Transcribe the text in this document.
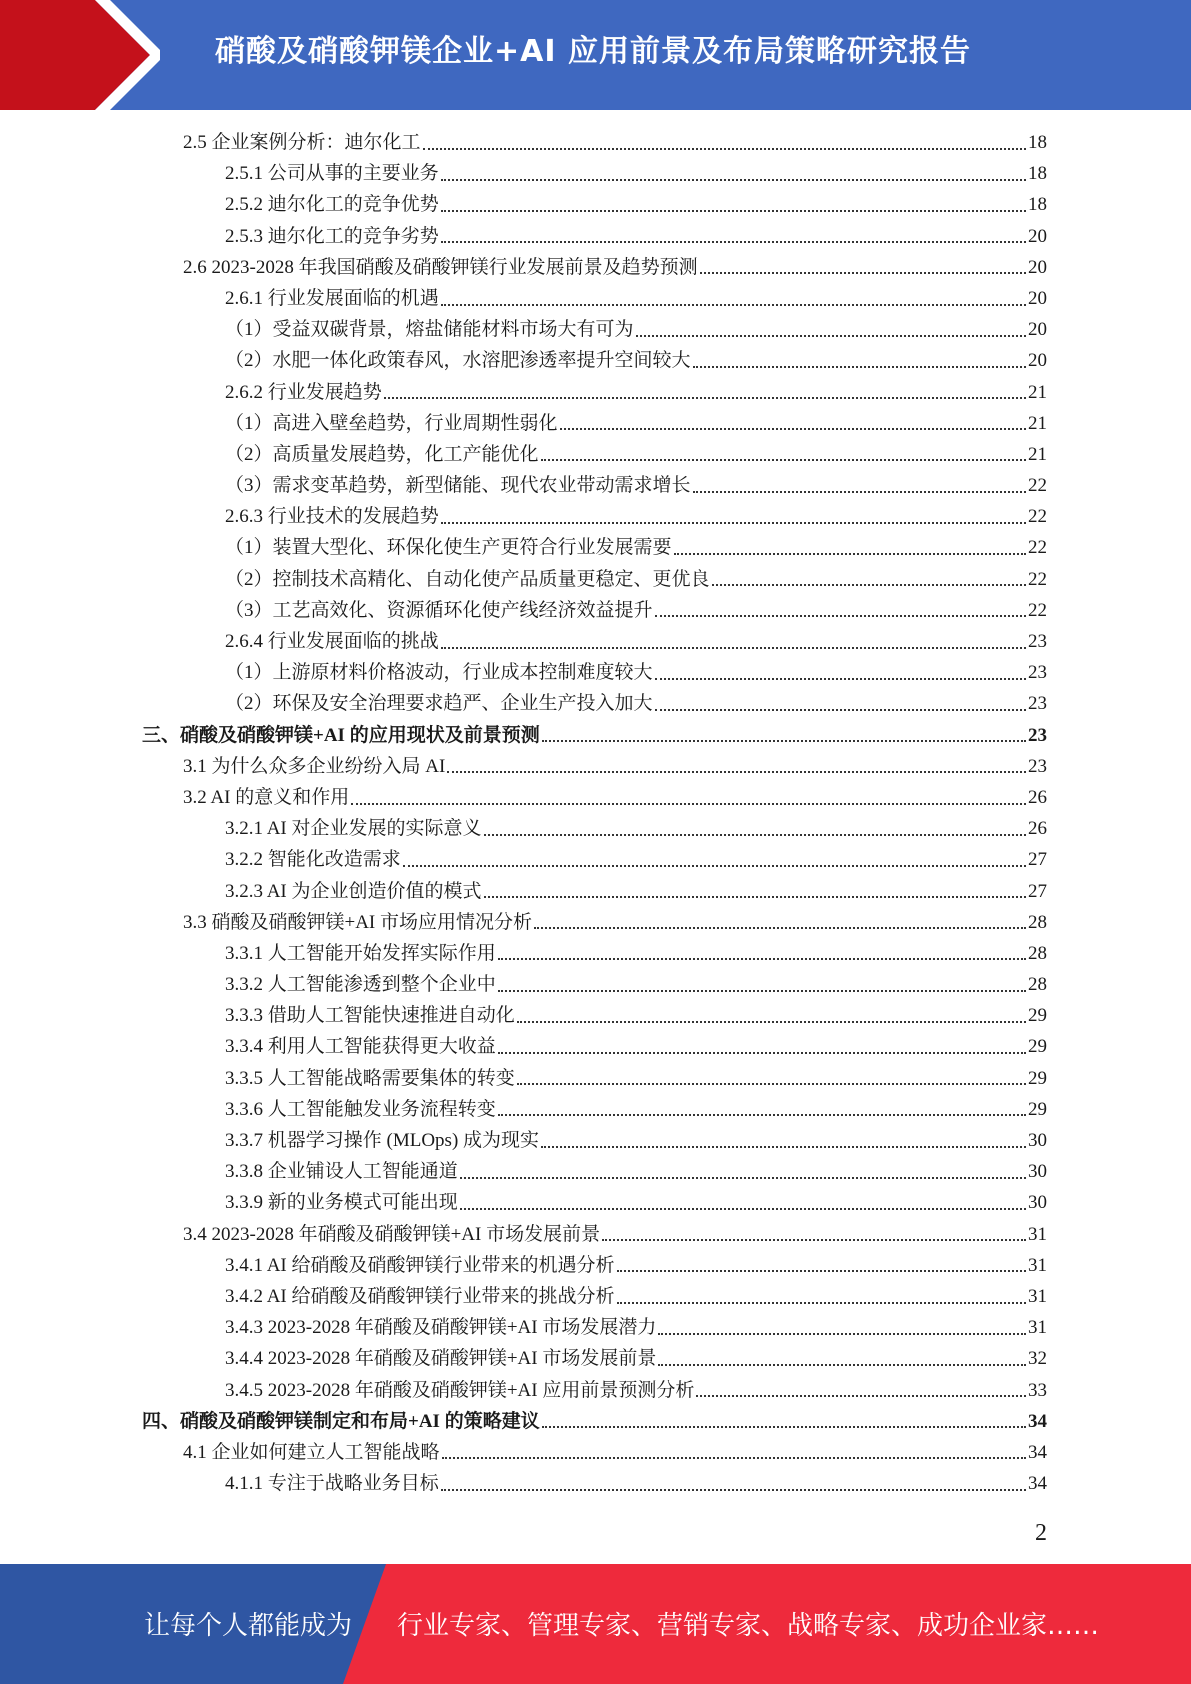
硝酸及硝酸钾镁企业+AI 应用前景及布局策略研究报告
2.5 企业案例分析：迪尔化工	18
2.5.1 公司从事的主要业务	18
2.5.2 迪尔化工的竞争优势	18
2.5.3 迪尔化工的竞争劣势	20
2.6 2023-2028 年我国硝酸及硝酸钾镁行业发展前景及趋势预测	20
2.6.1 行业发展面临的机遇	20
（1）受益双碳背景，熔盐储能材料市场大有可为	20
（2）水肥一体化政策春风，水溶肥渗透率提升空间较大	20
2.6.2 行业发展趋势	21
（1）高进入壁垒趋势，行业周期性弱化	21
（2）高质量发展趋势，化工产能优化	21
（3）需求变革趋势，新型储能、现代农业带动需求增长	22
2.6.3 行业技术的发展趋势	22
（1）装置大型化、环保化使生产更符合行业发展需要	22
（2）控制技术高精化、自动化使产品质量更稳定、更优良	22
（3）工艺高效化、资源循环化使产线经济效益提升	22
2.6.4 行业发展面临的挑战	23
（1）上游原材料价格波动，行业成本控制难度较大	23
（2）环保及安全治理要求趋严、企业生产投入加大	23
三、硝酸及硝酸钾镁+AI 的应用现状及前景预测	23
3.1 为什么众多企业纷纷入局 AI	23
3.2 AI 的意义和作用	26
3.2.1 AI 对企业发展的实际意义	26
3.2.2 智能化改造需求	27
3.2.3 AI 为企业创造价值的模式	27
3.3 硝酸及硝酸钾镁+AI 市场应用情况分析	28
3.3.1 人工智能开始发挥实际作用	28
3.3.2 人工智能渗透到整个企业中	28
3.3.3 借助人工智能快速推进自动化	29
3.3.4 利用人工智能获得更大收益	29
3.3.5 人工智能战略需要集体的转变	29
3.3.6 人工智能触发业务流程转变	29
3.3.7 机器学习操作 (MLOps) 成为现实	30
3.3.8 企业铺设人工智能通道	30
3.3.9 新的业务模式可能出现	30
3.4 2023-2028 年硝酸及硝酸钾镁+AI 市场发展前景	31
3.4.1 AI 给硝酸及硝酸钾镁行业带来的机遇分析	31
3.4.2 AI 给硝酸及硝酸钾镁行业带来的挑战分析	31
3.4.3 2023-2028 年硝酸及硝酸钾镁+AI 市场发展潜力	31
3.4.4 2023-2028 年硝酸及硝酸钾镁+AI 市场发展前景	32
3.4.5 2023-2028 年硝酸及硝酸钾镁+AI 应用前景预测分析	33
四、硝酸及硝酸钾镁制定和布局+AI 的策略建议	34
4.1 企业如何建立人工智能战略	34
4.1.1 专注于战略业务目标	34
2
让每个人都能成为 行业专家、管理专家、营销专家、战略专家、成功企业家……
